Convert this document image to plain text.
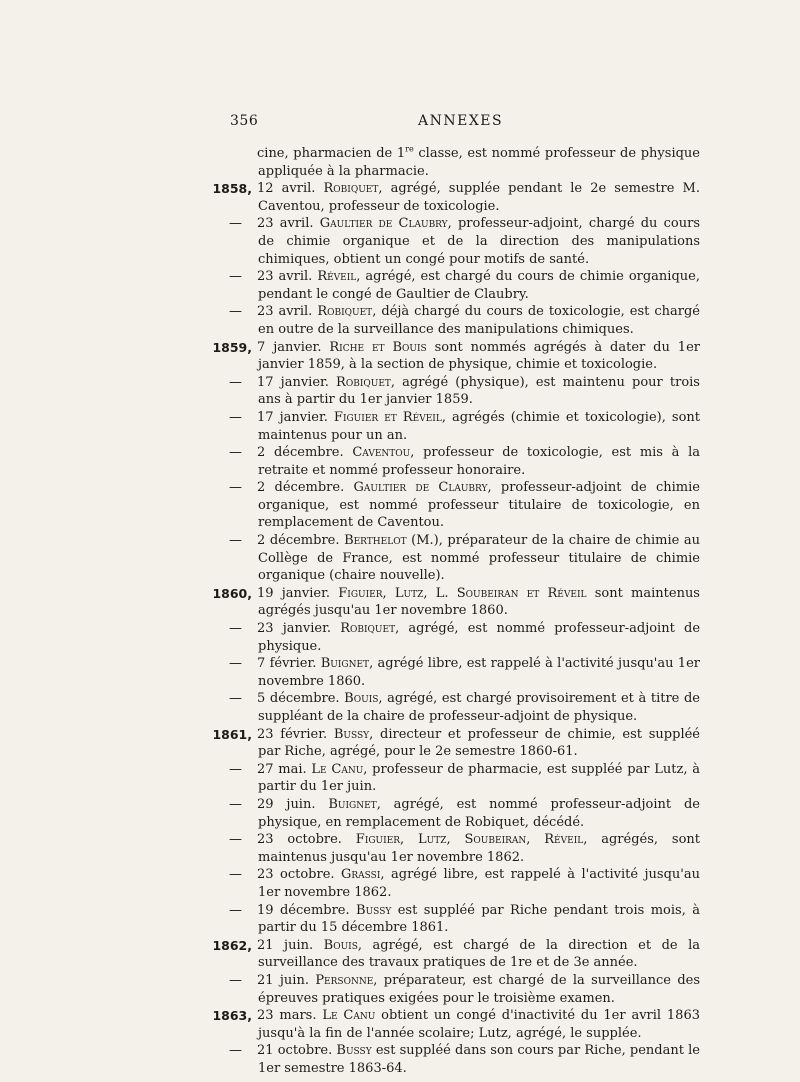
356	ANNEXES

cine, pharmacien de 1re classe, est nommé professeur de physique appliquée à la pharmacie.

1858, 12 avril. Robiquet, agrégé, supplée pendant le 2e semestre M. Caventou, professeur de toxicologie.

— 23 avril. Gaultier de Claubry, professeur-adjoint, chargé du cours de chimie organique et de la direction des manipulations chimiques, obtient un congé pour motifs de santé.

— 23 avril. Réveil, agrégé, est chargé du cours de chimie organique, pendant le congé de Gaultier de Claubry.

— 23 avril. Robiquet, déjà chargé du cours de toxicologie, est chargé en outre de la surveillance des manipulations chimiques.

1859, 7 janvier. Riche et Bouis sont nommés agrégés à dater du 1er janvier 1859, à la section de physique, chimie et toxicologie.

— 17 janvier. Robiquet, agrégé (physique), est maintenu pour trois ans à partir du 1er janvier 1859.

— 17 janvier. Figuier et Réveil, agrégés (chimie et toxicologie), sont maintenus pour un an.

— 2 décembre. Caventou, professeur de toxicologie, est mis à la retraite et nommé professeur honoraire.

— 2 décembre. Gaultier de Claubry, professeur-adjoint de chimie organique, est nommé professeur titulaire de toxicologie, en remplacement de Caventou.

— 2 décembre. Berthelot (M.), préparateur de la chaire de chimie au Collège de France, est nommé professeur titulaire de chimie organique (chaire nouvelle).

1860, 19 janvier. Figuier, Lutz, L. Soubeiran et Réveil sont maintenus agrégés jusqu'au 1er novembre 1860.

— 23 janvier. Robiquet, agrégé, est nommé professeur-adjoint de physique.

— 7 février. Buignet, agrégé libre, est rappelé à l'activité jusqu'au 1er novembre 1860.

— 5 décembre. Bouis, agrégé, est chargé provisoirement et à titre de suppléant de la chaire de professeur-adjoint de physique.

1861, 23 février. Bussy, directeur et professeur de chimie, est suppléé par Riche, agrégé, pour le 2e semestre 1860-61.

— 27 mai. Le Canu, professeur de pharmacie, est suppléé par Lutz, à partir du 1er juin.

— 29 juin. Buignet, agrégé, est nommé professeur-adjoint de physique, en remplacement de Robiquet, décédé.

— 23 octobre. Figuier, Lutz, Soubeiran, Réveil, agrégés, sont maintenus jusqu'au 1er novembre 1862.

— 23 octobre. Grassi, agrégé libre, est rappelé à l'activité jusqu'au 1er novembre 1862.

— 19 décembre. Bussy est suppléé par Riche pendant trois mois, à partir du 15 décembre 1861.

1862, 21 juin. Bouis, agrégé, est chargé de la direction et de la surveillance des travaux pratiques de 1re et de 3e année.

— 21 juin. Personne, préparateur, est chargé de la surveillance des épreuves pratiques exigées pour le troisième examen.

1863, 23 mars. Le Canu obtient un congé d'inactivité du 1er avril 1863 jusqu'à la fin de l'année scolaire; Lutz, agrégé, le supplée.

— 21 octobre. Bussy est suppléé dans son cours par Riche, pendant le 1er semestre 1863-64.
